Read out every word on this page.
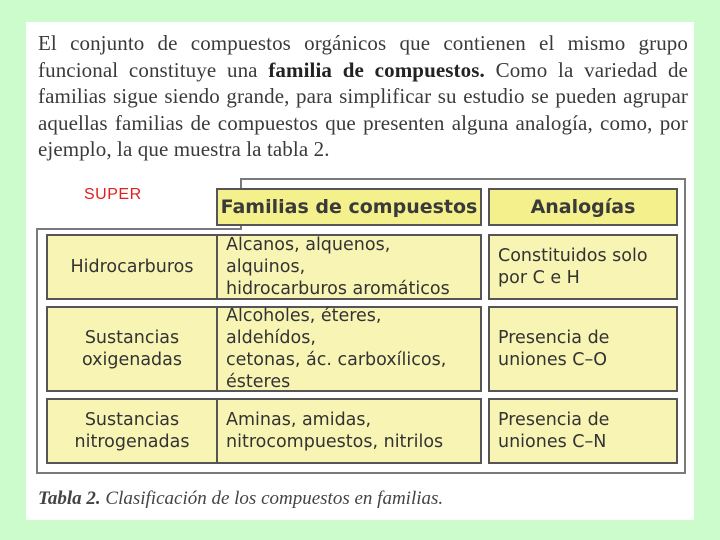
El conjunto de compuestos orgánicos que contienen el mismo grupo funcional constituye una familia de compuestos. Como la variedad de familias sigue siendo grande, para simplificar su estudio se pueden agrupar aquellas familias de compuestos que presenten alguna analogía, como, por ejemplo, la que muestra la tabla 2.
SUPER
Familias de compuestos	Analogías
Hidrocarburos
Alcanos, alquenos, alquinos,
hidrocarburos aromáticos
Constituidos solo
por C e H
Sustancias
oxigenadas
Alcoholes, éteres, aldehídos,
cetonas, ác. carboxílicos,
ésteres
Presencia de
uniones C–O
Sustancias
nitrogenadas
Aminas, amidas,
nitrocompuestos, nitrilos
Presencia de
uniones C–N
Tabla 2. Clasificación de los compuestos en familias.
